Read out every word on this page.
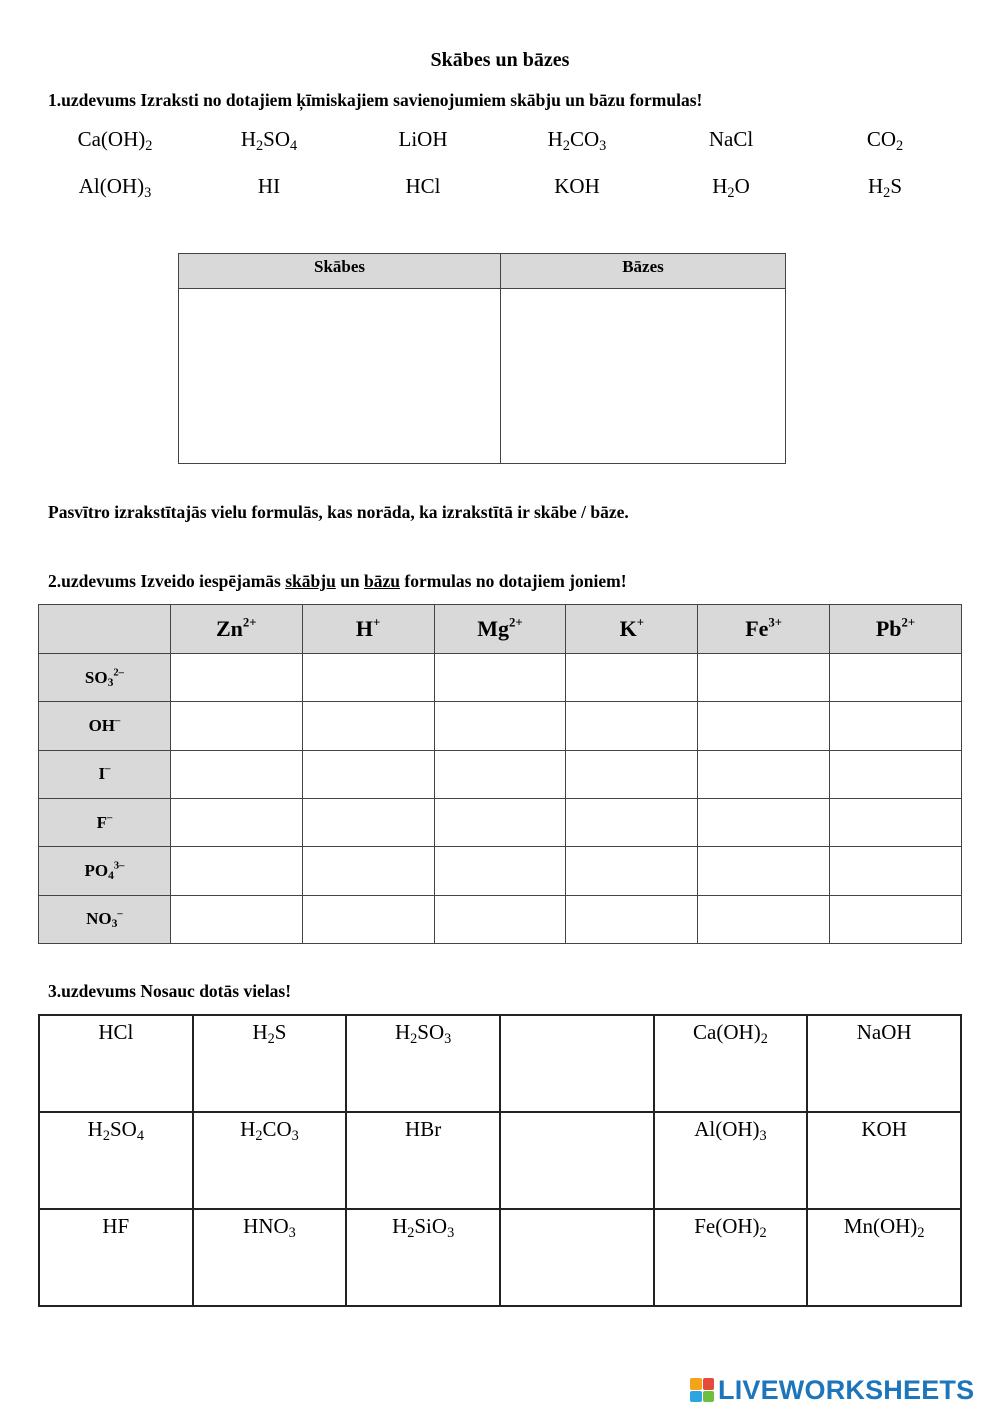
Skābes un bāzes
1.uzdevums Izraksti no dotajiem ķīmiskajiem savienojumiem skābju un bāzu formulas!
$Ca(OH)_2$	$H_2SO_4$	LiOH	$H_2CO_3$	NaCl	$CO_2$
$Al(OH)_3$	HI	HCl	KOH	$H_2O$	$H_2S$
Skābes	Bāzes
Pasvītro izrakstītajās vielu formulās, kas norāda, ka izrakstītā ir skābe / bāze.
2.uzdevums Izveido iespējamās skābju un bāzu formulas no dotajiem joniem!
	$Zn^{2+}$	H+	$Mg^{2+}$	K+	$Fe^{3+}$	$Pb^{2+}$
$SO_3^{2-}$						
OH–						
I–						
F–						
$PO_4^{3-}$						
$NO_3^-$						
3.uzdevums Nosauc dotās vielas!
HCl	$H_2S$	$H_2SO_3$		$Ca(OH)_2$	NaOH
$H_2SO_4$	$H_2CO_3$	HBr		$Al(OH)_3$	KOH
HF	$HNO_3$	$H_2SiO_3$		$Fe(OH)_2$	$Mn(OH)_2$
LIVEWORKSHEETS
